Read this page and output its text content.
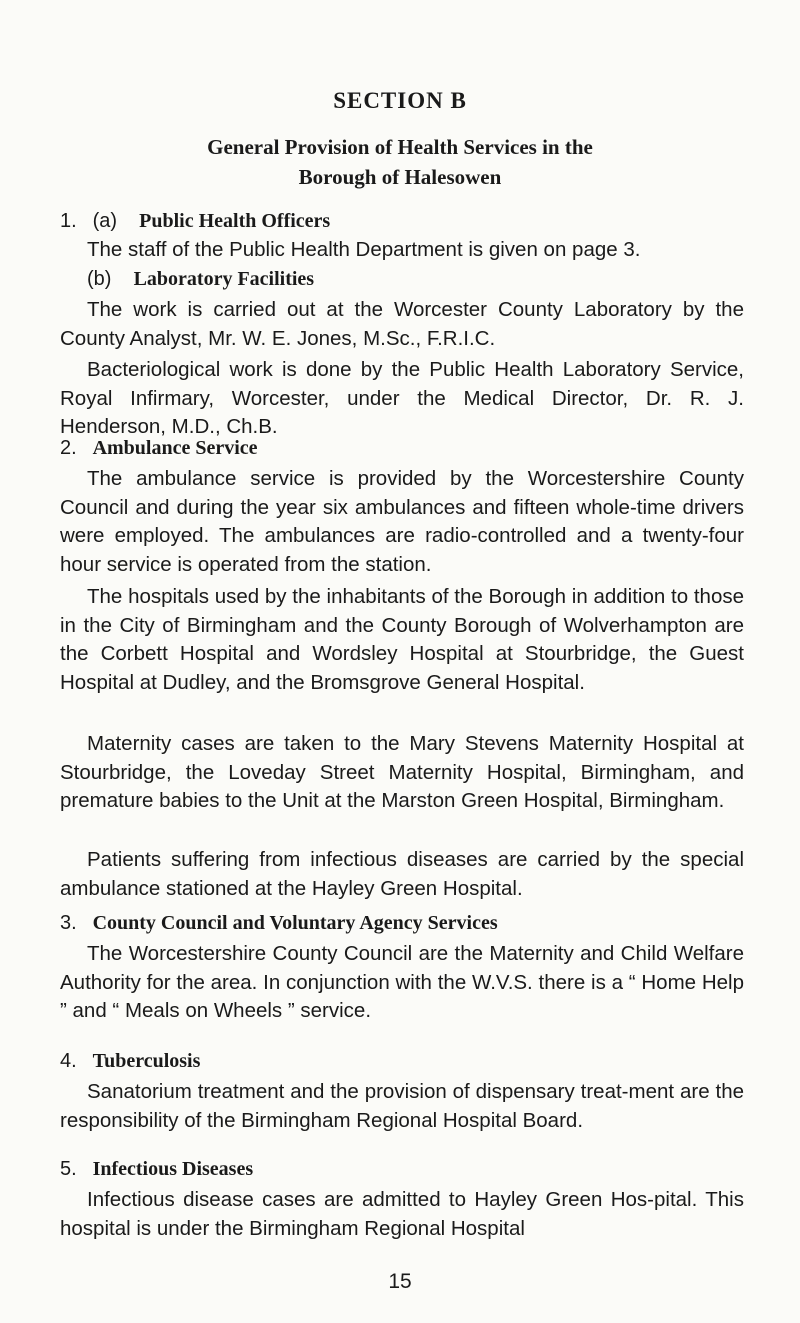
SECTION B
General Provision of Health Services in the
Borough of Halesowen
1. (a) Public Health Officers
The staff of the Public Health Department is given on page 3.
(b) Laboratory Facilities
The work is carried out at the Worcester County Laboratory by the County Analyst, Mr. W. E. Jones, M.Sc., F.R.I.C.
Bacteriological work is done by the Public Health Laboratory Service, Royal Infirmary, Worcester, under the Medical Director, Dr. R. J. Henderson, M.D., Ch.B.
2. Ambulance Service
The ambulance service is provided by the Worcestershire County Council and during the year six ambulances and fifteen whole-time drivers were employed. The ambulances are radio-controlled and a twenty-four hour service is operated from the station.
The hospitals used by the inhabitants of the Borough in addition to those in the City of Birmingham and the County Borough of Wolverhampton are the Corbett Hospital and Wordsley Hospital at Stourbridge, the Guest Hospital at Dudley, and the Bromsgrove General Hospital.
Maternity cases are taken to the Mary Stevens Maternity Hospital at Stourbridge, the Loveday Street Maternity Hospital, Birmingham, and premature babies to the Unit at the Marston Green Hospital, Birmingham.
Patients suffering from infectious diseases are carried by the special ambulance stationed at the Hayley Green Hospital.
3. County Council and Voluntary Agency Services
The Worcestershire County Council are the Maternity and Child Welfare Authority for the area. In conjunction with the W.V.S. there is a “ Home Help ” and “ Meals on Wheels ” service.
4. Tuberculosis
Sanatorium treatment and the provision of dispensary treat-ment are the responsibility of the Birmingham Regional Hospital Board.
5. Infectious Diseases
Infectious disease cases are admitted to Hayley Green Hos-pital. This hospital is under the Birmingham Regional Hospital
15
